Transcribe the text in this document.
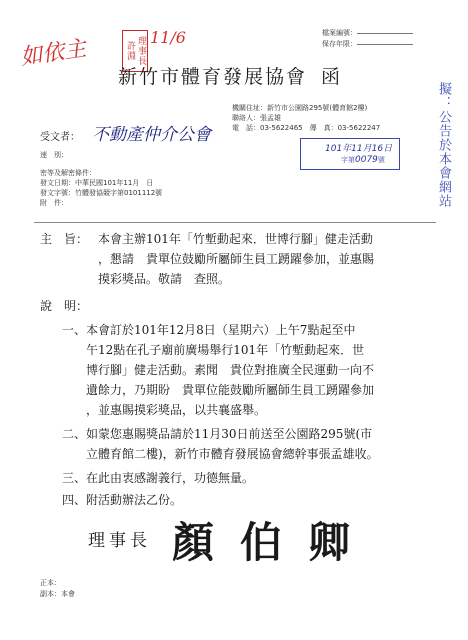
檔案編號：
保存年限：
如依主	理事長許淵
11/6
新竹市體育發展協會 函
擬：公告於本會網站
機關住址：新竹市公園路295號(體育館2樓)
聯絡人：張孟雄
電　話：03-5622465　傳　真：03-5622247
受文者： 不動產仲介公會
速　別：
101年11月16日
字第0079號
密等及解密條件：
發文日期：中華民國101年11月　日
發文字號：竹體發協競字第0101112號
附　件：
主　旨： 本會主辦101年「竹塹動起來．世博行腳」健走活動
，懇請　貴單位鼓勵所屬師生員工踴躍參加，並惠賜
摸彩獎品。敬請　查照。
說　明：
一、本會訂於101年12月8日（星期六）上午7點起至中
午12點在孔子廟前廣場舉行101年「竹塹動起來．世
博行腳」健走活動。素聞　貴位對推廣全民運動一向不
遺餘力，乃期盼　貴單位能鼓勵所屬師生員工踴躍參加
，並惠賜摸彩獎品，以共襄盛舉。
二、如蒙您惠賜獎品請於11月30日前送至公園路295號(市
立體育館二樓)，新竹市體育發展協會總幹事張孟雄收。
三、在此由衷感謝義行，功德無量。
四、附活動辦法乙份。
理事長 顏伯卿
正本：
副本：本會
